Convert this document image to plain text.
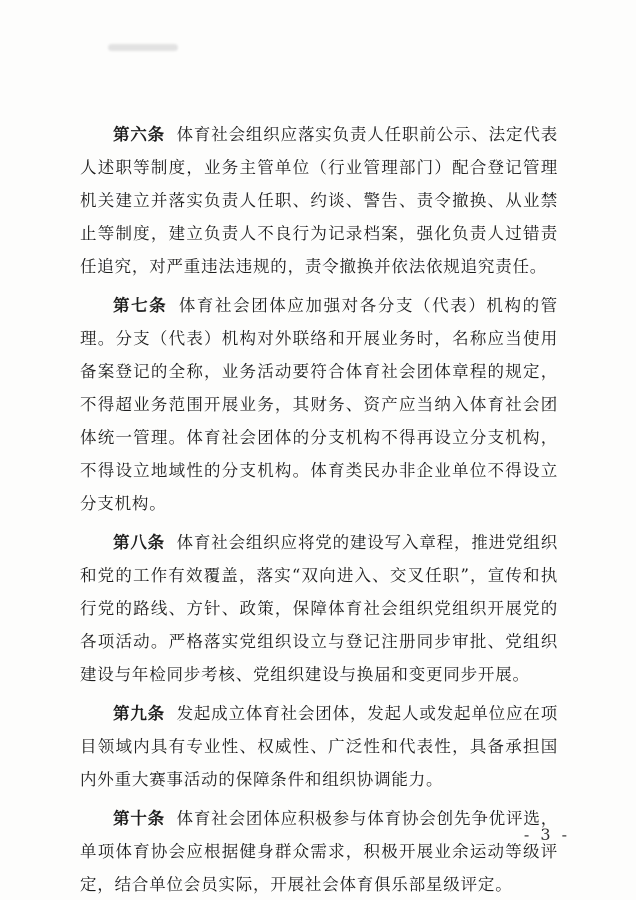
第六条 体育社会组织应落实负责人任职前公示、法定代表人述职等制度，业务主管单位（行业管理部门）配合登记管理机关建立并落实负责人任职、约谈、警告、责令撤换、从业禁止等制度，建立负责人不良行为记录档案，强化负责人过错责任追究，对严重违法违规的，责令撤换并依法依规追究责任。

第七条 体育社会团体应加强对各分支（代表）机构的管理。分支（代表）机构对外联络和开展业务时，名称应当使用备案登记的全称，业务活动要符合体育社会团体章程的规定，不得超业务范围开展业务，其财务、资产应当纳入体育社会团体统一管理。体育社会团体的分支机构不得再设立分支机构，不得设立地域性的分支机构。体育类民办非企业单位不得设立分支机构。

第八条 体育社会组织应将党的建设写入章程，推进党组织和党的工作有效覆盖，落实“双向进入、交叉任职”，宣传和执行党的路线、方针、政策，保障体育社会组织党组织开展党的各项活动。严格落实党组织设立与登记注册同步审批、党组织建设与年检同步考核、党组织建设与换届和变更同步开展。

第九条 发起成立体育社会团体，发起人或发起单位应在项目领域内具有专业性、权威性、广泛性和代表性，具备承担国内外重大赛事活动的保障条件和组织协调能力。

第十条 体育社会团体应积极参与体育协会创先争优评选，单项体育协会应根据健身群众需求，积极开展业余运动等级评定，结合单位会员实际，开展社会体育俱乐部星级评定。

- 3 -
